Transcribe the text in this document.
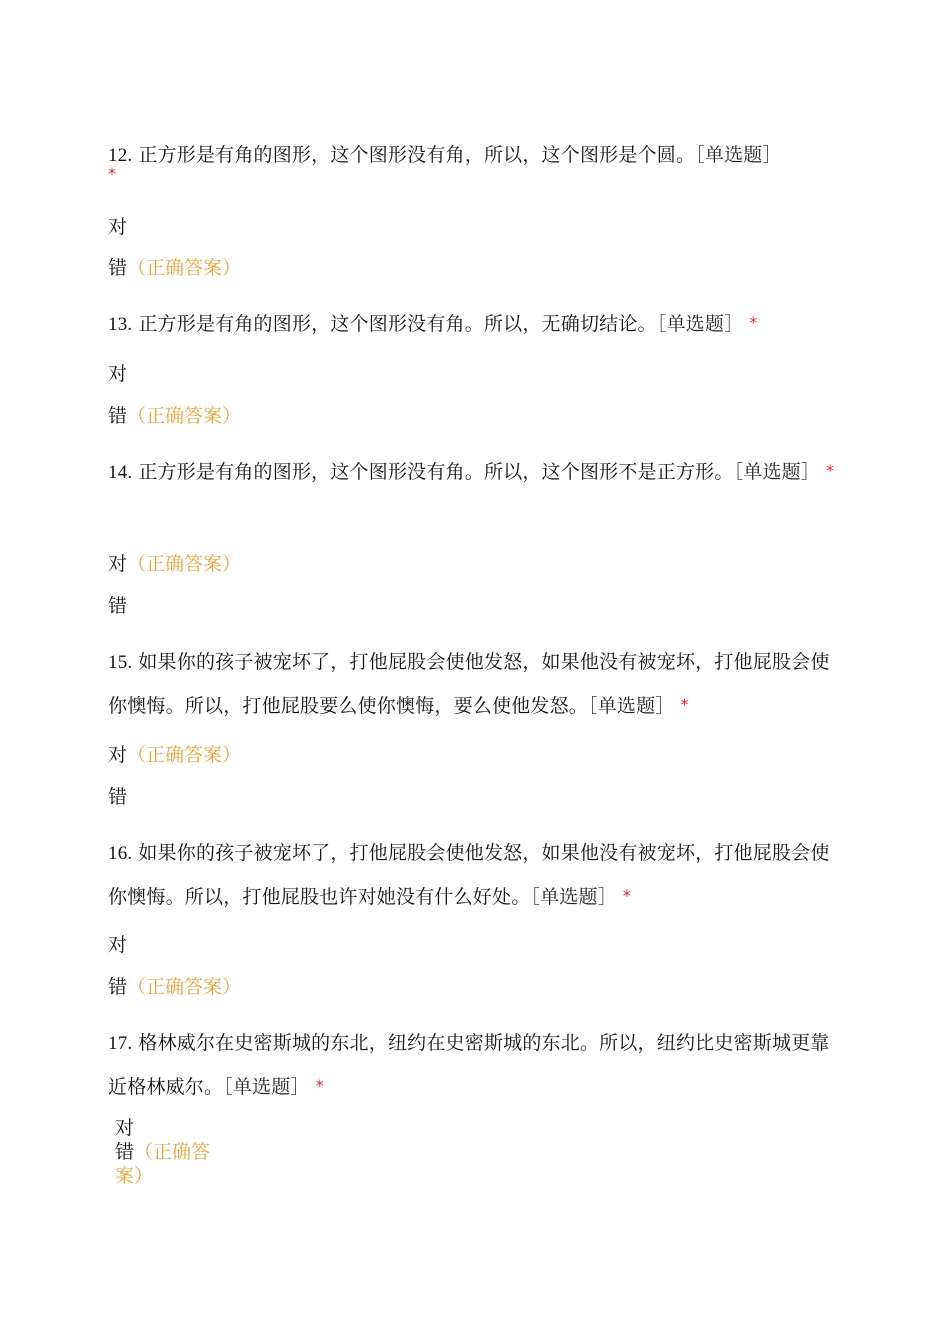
12. 正方形是有角的图形，这个图形没有角，所以，这个图形是个圆。［单选题］
*
对
错（正确答案）
13. 正方形是有角的图形，这个图形没有角。所以，无确切结论。［单选题］ *
对
错（正确答案）
14. 正方形是有角的图形，这个图形没有角。所以，这个图形不是正方形。［单选题］ *
对（正确答案）
错
15. 如果你的孩子被宠坏了，打他屁股会使他发怒，如果他没有被宠坏，打他屁股会使你懊悔。所以，打他屁股要么使你懊悔，要么使他发怒。［单选题］ *
对（正确答案）
错
16. 如果你的孩子被宠坏了，打他屁股会使他发怒，如果他没有被宠坏，打他屁股会使你懊悔。所以，打他屁股也许对她没有什么好处。［单选题］ *
对
错（正确答案）
17. 格林威尔在史密斯城的东北，纽约在史密斯城的东北。所以，纽约比史密斯城更靠近格林威尔。［单选题］ *
对
错（正确答案）
